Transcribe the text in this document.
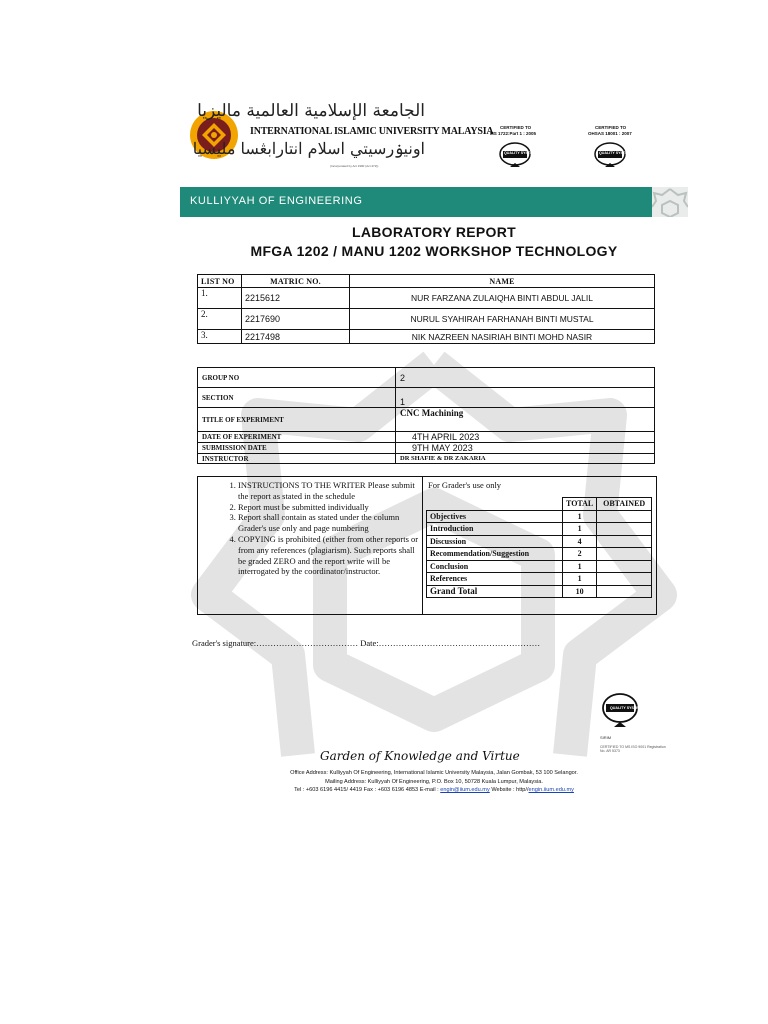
الجامعة الإسلامية العالمية ماليزيا
INTERNATIONAL ISLAMIC UNIVERSITY MALAYSIA
اونيۏرسيتي اسلام انتارابڠسا مليسيا
(Incorporated by Act 1990 (Act 472))
CERTIFIED TO
MS 1722:Part 1 : 2005
QUALITY SYSTEM
CERTIFIED TO
OHSAS 18001 : 2007
QUALITY SYSTEM
KULLIYYAH OF ENGINEERING
LABORATORY REPORT
MFGA 1202 / MANU 1202 WORKSHOP TECHNOLOGY
LIST NO	MATRIC NO.	NAME
1.	2215612	NUR FARZANA ZULAIQHA BINTI ABDUL JALIL
2.	2217690	NURUL SYAHIRAH FARHANAH BINTI MUSTAL
3.	2217498	NIK NAZREEN NASIRIAH BINTI MOHD NASIR
GROUP NO	2
SECTION	1
TITLE OF EXPERIMENT	CNC Machining
DATE OF EXPERIMENT	4TH APRIL 2023
SUBMISSION DATE	9TH MAY 2023
INSTRUCTOR	DR SHAFIE & DR ZAKARIA
1. INSTRUCTIONS TO THE WRITER Please submit the report as stated in the schedule
2. Report must be submitted individually
3. Report shall contain as stated under the column Grader's use only and page numbering
4. COPYING is prohibited (either from other reports or from any references (plagiarism). Such reports shall be graded ZERO and the report write will be interrogated by the coordinator/instructor.
For Grader's use only
	TOTAL	OBTAINED
Objectives	1	
Introduction	1	
Discussion	4	
Recommendation/Suggestion	2	
Conclusion	1	
References	1	
Grand Total	10	
Grader's signature:……………………………… Date:…………………………………………………
QUALITY SYSTEM
SIRIM
CERTIFIED TO MS ISO 9001 Registration No. AR 5373
Garden of Knowledge and Virtue
Office Address: Kulliyyah Of Engineering, International Islamic University Malaysia, Jalan Gombak, 53 100 Selangor.
Mailing Address: Kulliyyah Of Engineering, P.O. Box 10, 50728 Kuala Lumpur, Malaysia.
Tel : +603 6196 4415/ 4419 Fax : +603 6196 4853 E-mail : engin@iium.edu.my Website : http//engin.iium.edu.my
